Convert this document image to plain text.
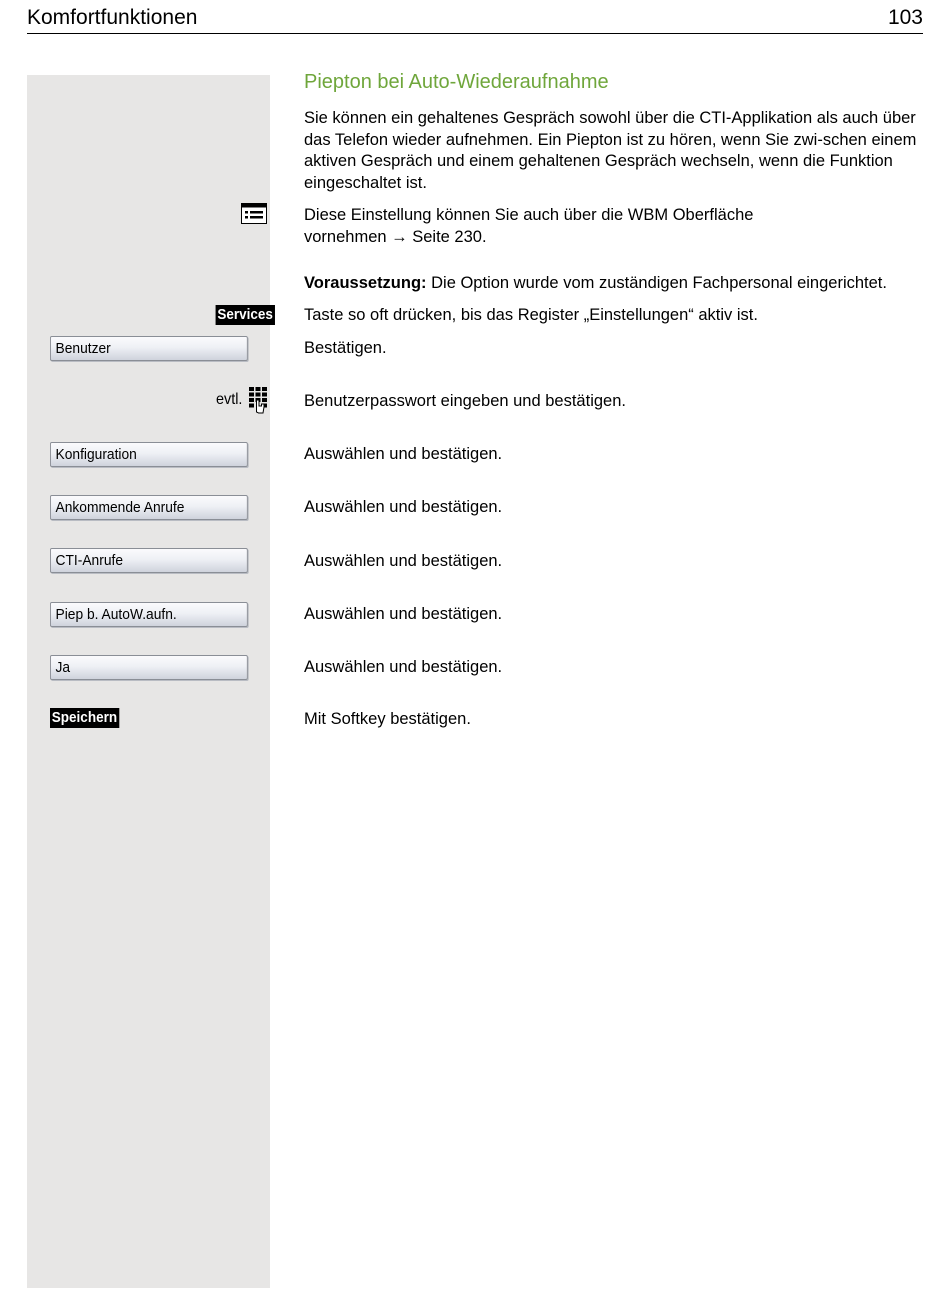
Komfortfunktionen	103
Services
Benutzer
evtl.
Konfiguration
Ankommende Anrufe
CTI-Anrufe
Piep b. AutoW.aufn.
Ja
Speichern
Piepton bei Auto-Wiederaufnahme

Sie können ein gehaltenes Gespräch sowohl über die CTI-Applikation als auch über das Telefon wieder aufnehmen. Ein Piepton ist zu hören, wenn Sie zwi-schen einem aktiven Gespräch und einem gehaltenen Gespräch wechseln, wenn die Funktion eingeschaltet ist.

Diese Einstellung können Sie auch über die WBM Oberfläche
vornehmen → Seite 230.
Voraussetzung: Die Option wurde vom zuständigen Fachpersonal eingerichtet.
Taste so oft drücken, bis das Register „Einstellungen“ aktiv ist.
Bestätigen.
Benutzerpasswort eingeben und bestätigen.
Auswählen und bestätigen.
Auswählen und bestätigen.
Auswählen und bestätigen.
Auswählen und bestätigen.
Auswählen und bestätigen.
Mit Softkey bestätigen.
